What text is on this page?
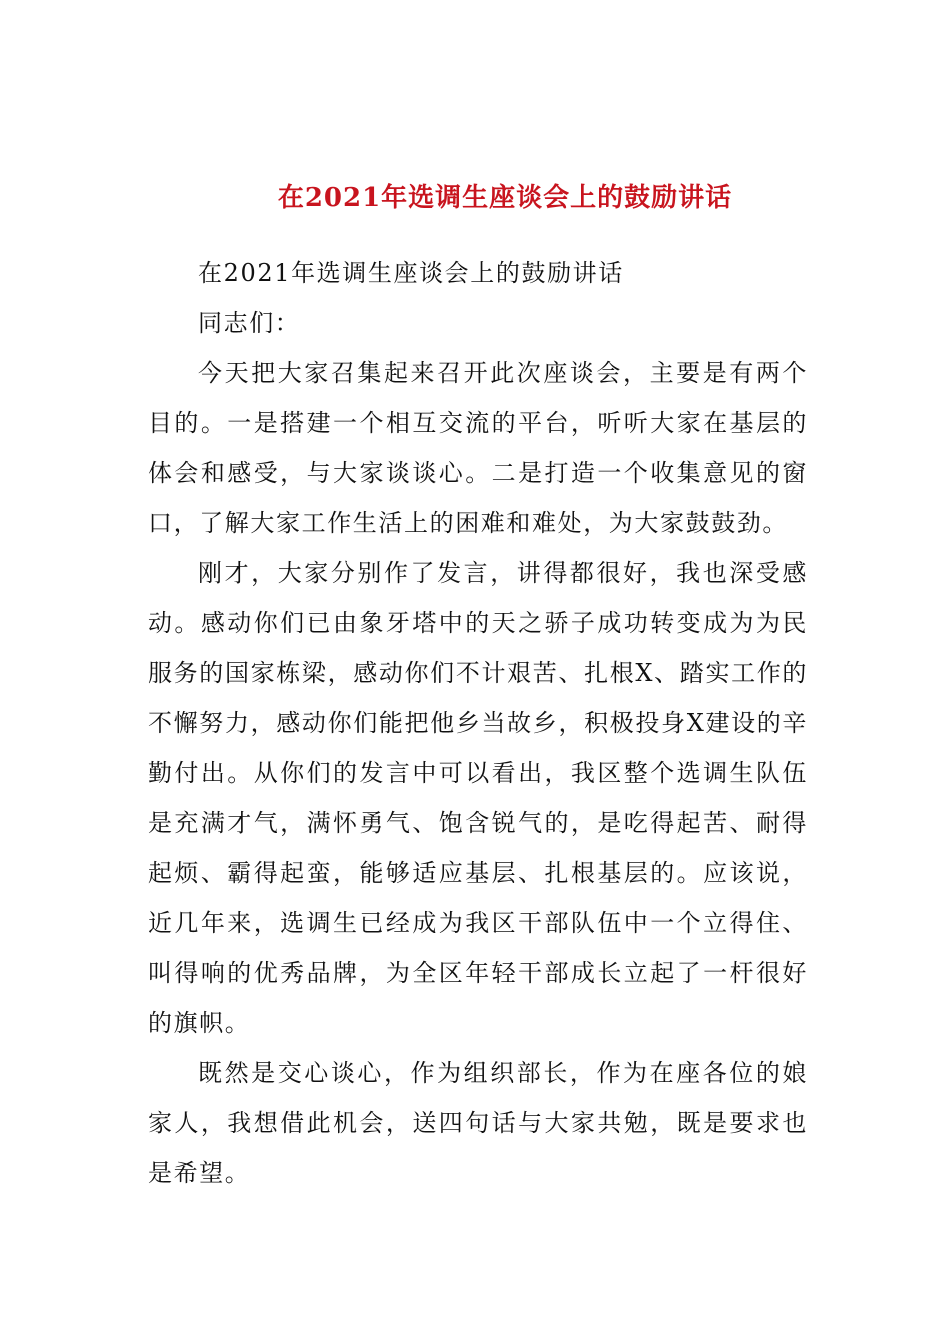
在2021年选调生座谈会上的鼓励讲话

在2021年选调生座谈会上的鼓励讲话

同志们：

今天把大家召集起来召开此次座谈会，主要是有两个目的。一是搭建一个相互交流的平台，听听大家在基层的体会和感受，与大家谈谈心。二是打造一个收集意见的窗口，了解大家工作生活上的困难和难处，为大家鼓鼓劲。

刚才，大家分别作了发言，讲得都很好，我也深受感动。感动你们已由象牙塔中的天之骄子成功转变成为为民服务的国家栋梁，感动你们不计艰苦、扎根X、踏实工作的不懈努力，感动你们能把他乡当故乡，积极投身X建设的辛勤付出。从你们的发言中可以看出，我区整个选调生队伍是充满才气，满怀勇气、饱含锐气的，是吃得起苦、耐得起烦、霸得起蛮，能够适应基层、扎根基层的。应该说，近几年来，选调生已经成为我区干部队伍中一个立得住、叫得响的优秀品牌，为全区年轻干部成长立起了一杆很好的旗帜。

既然是交心谈心，作为组织部长，作为在座各位的娘家人，我想借此机会，送四句话与大家共勉，既是要求也是希望。
